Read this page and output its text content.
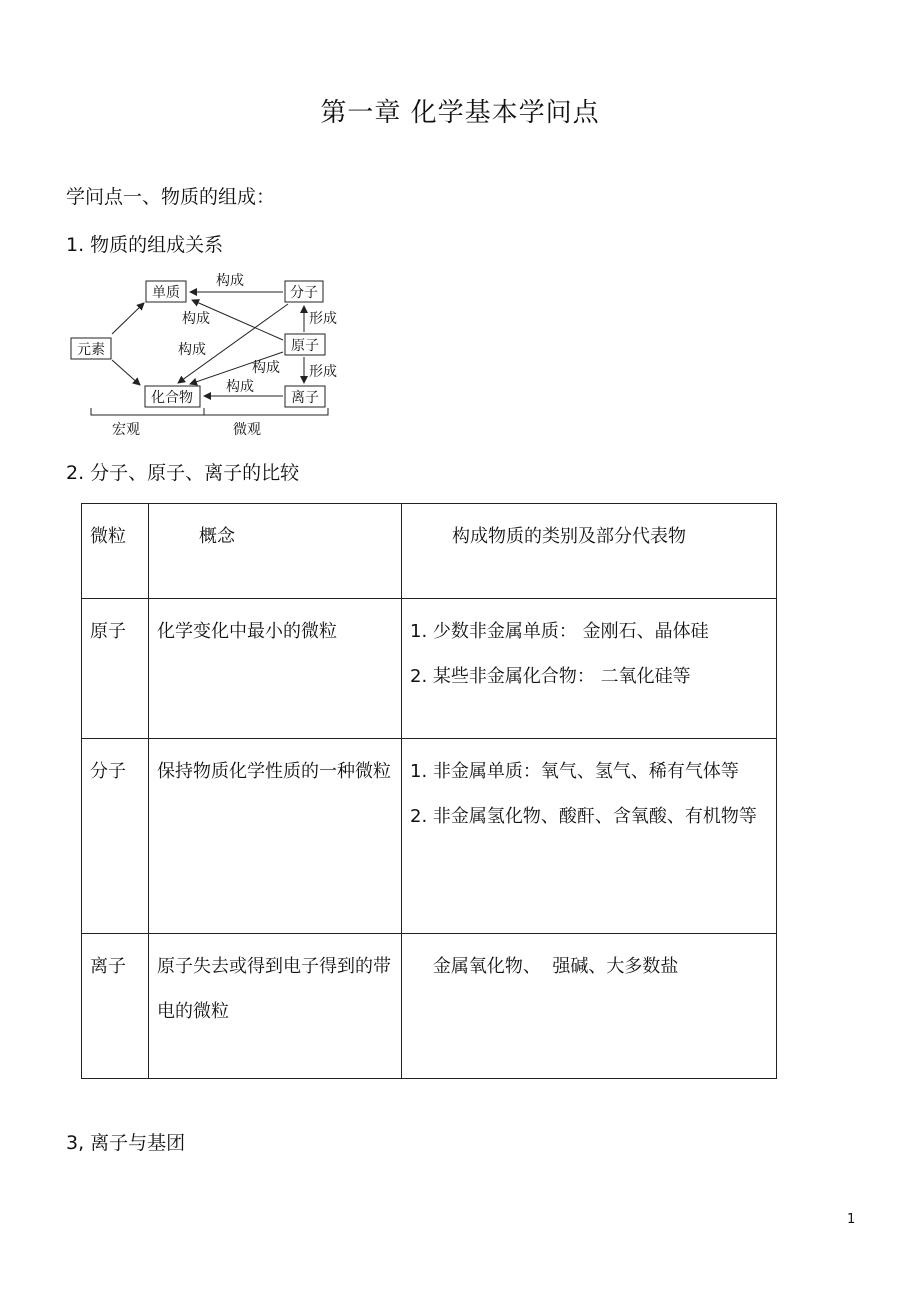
第一章 化学基本学问点
学问点一、物质的组成：
1. 物质的组成关系
单质	分子
元素	原子
化合物	离子
构成
构成
构成
形成
构成 形成
构成
宏观	微观
2. 分子、原子、离子的比较
微粒	概念	构成物质的类别及部分代表物
原子	化学变化中最小的微粒	1. 少数非金属单质： 金刚石、晶体硅
2. 某些非金属化合物： 二氧化硅等

分子	保持物质化学性质的一种微粒	1. 非金属单质：氧气、氢气、稀有气体等
2. 非金属氢化物、酸酐、含氧酸、有机物等

离子	原子失去或得到电子得到的带电的微粒	金属氧化物、  强碱、大多数盐
3, 离子与基团
1
